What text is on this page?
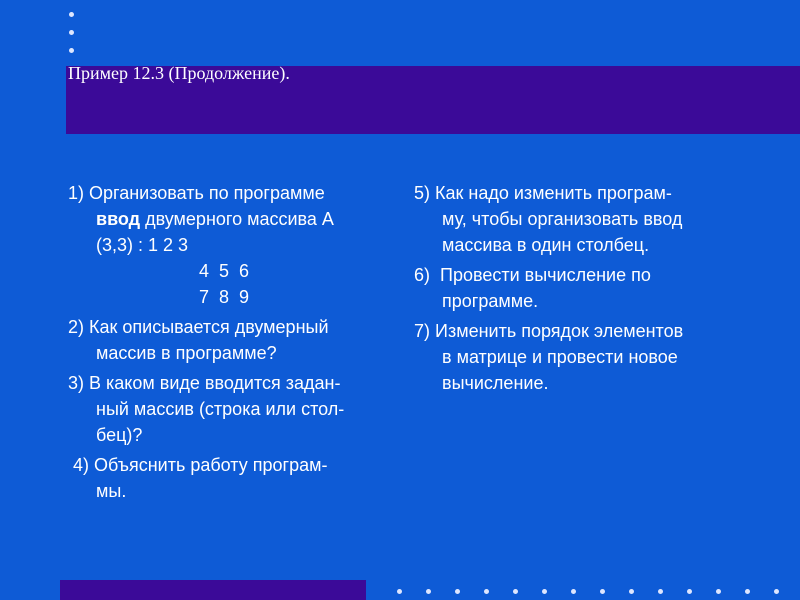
Пример 12.3 (Продолжение).
1) Организовать по программе
ввод двумерного массива А
(3,3) : 1 2 3
4  5  6
7  8  9
2) Как описывается двумерный
массив в программе?
3) В каком виде вводится задан-
ный массив (строка или стол-
бец)?
4) Объяснить работу програм-
мы.
5) Как надо изменить програм-
му, чтобы организовать ввод
массива в один столбец.
6)  Провести вычисление по
программе.
7) Изменить порядок элементов
в матрице и провести новое
вычисление.
